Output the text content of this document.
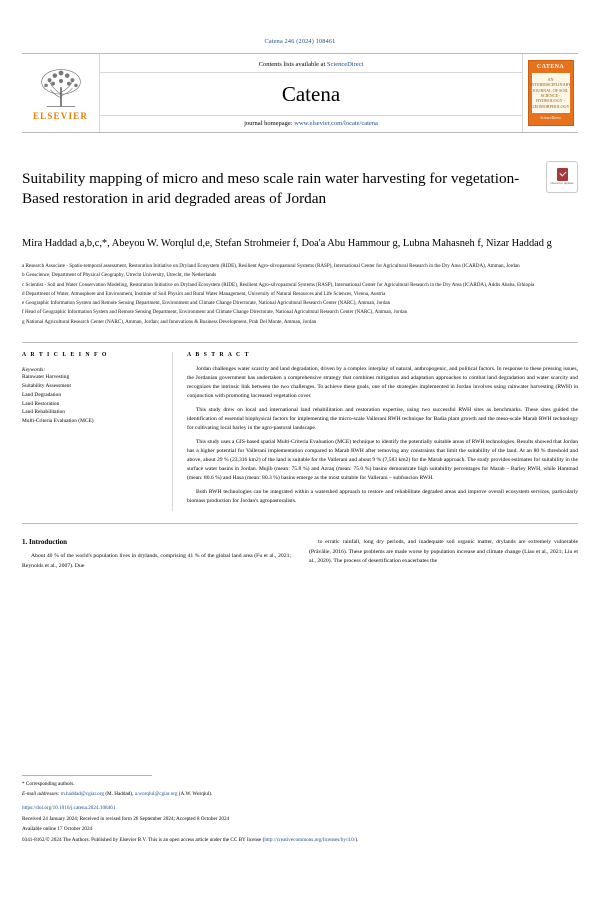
Catena 246 (2024) 108461
ELSEVIER
Contents lists available at ScienceDirect
Catena
journal homepage: www.elsevier.com/locate/catena
CATENA
AN INTERDISCIPLINARY JOURNAL OF SOIL SCIENCE - HYDROLOGY - GEOMORPHOLOGY
ScienceDirect
Suitability mapping of micro and meso scale rain water harvesting for vegetation-Based restoration in arid degraded areas of Jordan
Check for updates
Mira Haddad a,b,c,*, Abeyou W. Worqlul d,e, Stefan Strohmeier f, Doa'a Abu Hammour g, Lubna Mahasneh f, Nizar Haddad g
a Research Associate - Spatio-temporal assessment, Restoration Initiative on Dryland Ecosystem (RIDE), Resilient Agro-silvopastoral Systems (RASP), International Center for Agricultural Research in the Dry Area (ICARDA), Amman, Jordan
b Geoscience, Department of Physical Geography, Utrecht University, Utrecht, the Netherlands
c Scientist - Soil and Water Conservation Modeling, Restoration Initiative on Dryland Ecosystem (RIDE), Resilient Agro-silvopastoral Systems (RASP), International Center for Agricultural Research in the Dry Area (ICARDA), Addis Ababa, Ethiopia
d Department of Water, Atmosphere and Environment, Institute of Soil Physics and Rural Water Management, University of Natural Resources and Life Sciences, Vienna, Austria
e Geographic Information System and Remote Sensing Department, Environment and Climate Change Directorate, National Agricultural Research Center (NARC), Amman, Jordan
f Head of Geographic Information System and Remote Sensing Department, Environment and Climate Change Directorate, National Agricultural Research Center (NARC), Amman, Jordan
g National Agricultural Research Center (NARC), Amman, Jordan; and Innovations & Business Development, Prah Del Monte, Amman, Jordan
A R T I C L E I N F O
Keywords:
Rainwater Harvesting
Suitability Assessment
Land Degradation
Land Restoration
Land Rehabilitation
Multi-Criteria Evaluation (MCE)
A B S T R A C T

Jordan challenges water scarcity and land degradation, driven by a complex interplay of natural, anthropogenic, and political factors. In response to these pressing issues, the Jordanian government has undertaken a comprehensive strategy that combines mitigation and adaptation approaches to combat land degradation and water scarcity and recognizes the intrinsic link between the two challenges. To achieve these goals, one of the strategies implemented in Jordan involves using rainwater harvesting (RWH) in conjunction with promoting increased vegetation cover.

This study drew on local and international land rehabilitation and restoration expertise, using two successful RWH sites as benchmarks. These sites guided the identification of essential biophysical factors for implementing the micro-scale Vallerani RWH technique for Badia plant growth and the meso-scale Marab RWH technology for cultivating local barley in the agro-pastoral landscape.

This study uses a GIS-based spatial Multi-Criteria Evaluation (MCE) technique to identify the potentially suitable areas of RWH technologies. Results showed that Jordan has a higher potential for Vallerani implementation compared to Marab RWH after removing any constraints that limit the suitability of the land. At an 80 % threshold and above, about 29 % (23,316 km2) of the land is suitable for the Vallerani and about 9 % (7,583 km2) for the Marab approach. The study provides estimates for suitability in the surface water basins in Jordan. Mujib (mean: 75.8 %) and Azraq (mean: 75.0 %) basins demonstrate high suitability percentages for Marab – Barley RWH, while Hammad (mean: 80.6 %) and Hasa (mean: 80.3 %) basins emerge as the most suitable for Vallerani – subfuncion RWH.

Both RWH technologies can be integrated within a watershed approach to restore and rehabilitate degraded areas and improve overall ecosystem services, particularly biomass production for Jordan's agropastoralists.

1. Introduction

About 40 % of the world's population lives in drylands, comprising 41 % of the global land area (Fu et al., 2021; Reynolds et al., 2007). Due

to erratic rainfall, long dry periods, and inadequate soil organic matter, drylands are extremely vulnerable (Prăvălie, 2016). These problems are made worse by population increase and climate change (Liao et al., 2021; Liu et al., 2020). The process of desertification exacerbates the

* Corresponding authors.
E-mail addresses: m.haddad@cgiar.org (M. Haddad), a.worqlul@cgiar.org (A.W. Worqlul).
https://doi.org/10.1016/j.catena.2024.108461
Received 24 January 2024; Received in revised form 26 September 2024; Accepted 8 October 2024
Available online 17 October 2024
0341-8162/© 2024 The Authors. Published by Elsevier B.V. This is an open access article under the CC BY license (http://creativecommons.org/licenses/by/4.0/).
